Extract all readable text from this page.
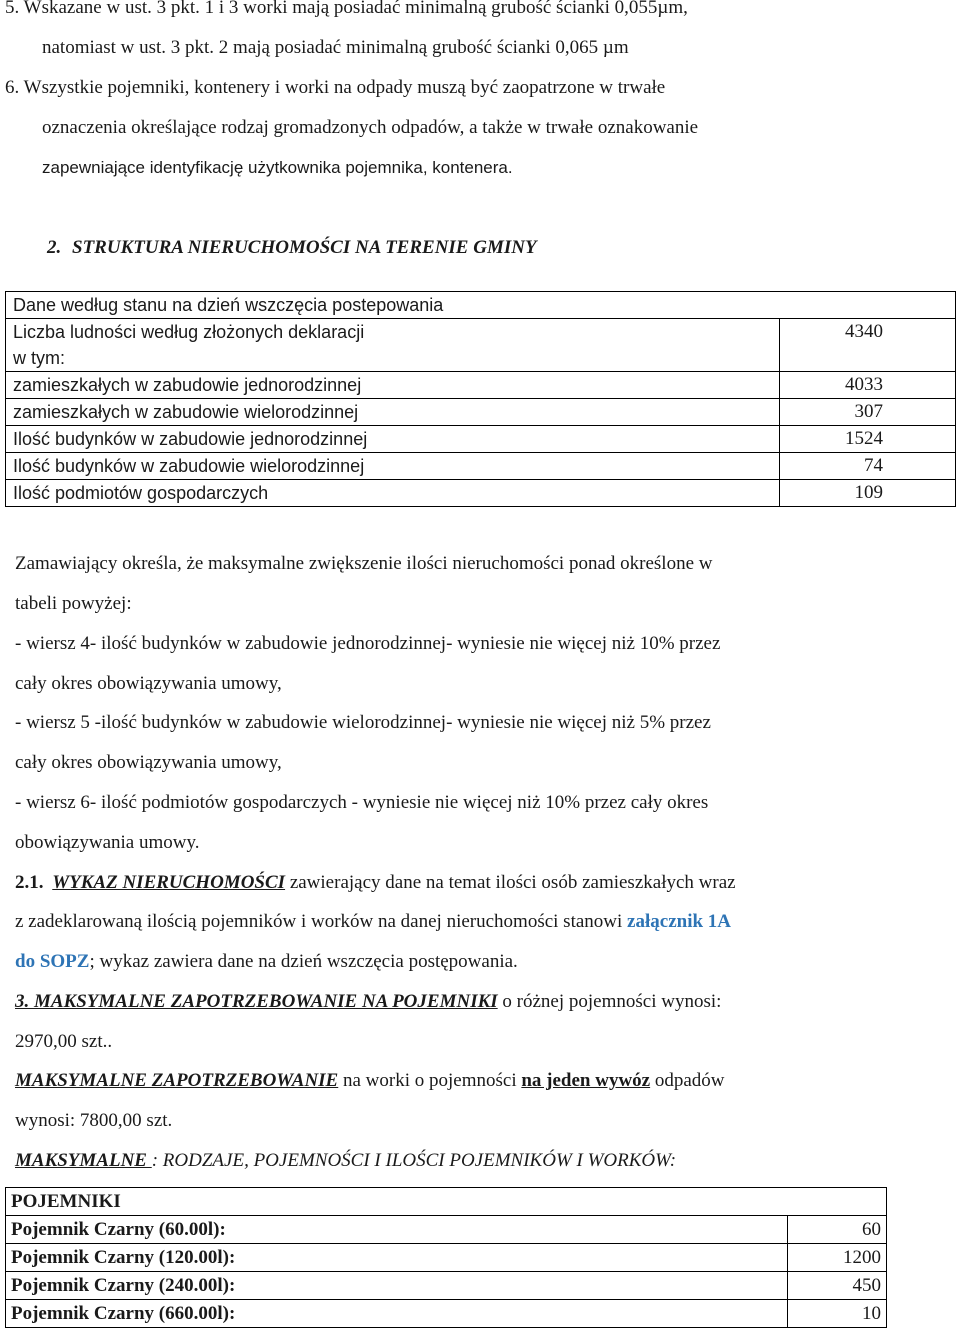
5. Wskazane w ust. 3 pkt. 1 i 3 worki mają posiadać minimalną grubość ścianki 0,055µm,
natomiast w ust. 3 pkt. 2 mają posiadać minimalną grubość ścianki 0,065 µm
6. Wszystkie pojemniki, kontenery i worki na odpady muszą być zaopatrzone w trwałe
oznaczenia określające rodzaj gromadzonych odpadów, a także w trwałe oznakowanie
zapewniające identyfikację użytkownika pojemnika, kontenera.
2. STRUKTURA NIERUCHOMOŚCI NA TERENIE GMINY
Dane według stanu na dzień wszczęcia postepowania	

Liczba ludności według złożonych deklaracji
w tym:	4340
zamieszkałych w zabudowie jednorodzinnej	4033
zamieszkałych w zabudowie wielorodzinnej	307
Ilość budynków w zabudowie jednorodzinnej	1524
Ilość budynków w zabudowie wielorodzinnej	74
Ilość podmiotów gospodarczych	109
Zamawiający określa, że maksymalne zwiększenie ilości nieruchomości ponad określone w
tabeli powyżej:
- wiersz 4- ilość budynków w zabudowie jednorodzinnej- wyniesie nie więcej niż 10% przez
cały okres obowiązywania umowy,
- wiersz 5 -ilość budynków w zabudowie wielorodzinnej- wyniesie nie więcej niż 5% przez
cały okres obowiązywania umowy,
- wiersz 6- ilość podmiotów gospodarczych - wyniesie nie więcej niż 10% przez cały okres
obowiązywania umowy.
2.1. WYKAZ NIERUCHOMOŚCI zawierający dane na temat ilości osób zamieszkałych wraz
z zadeklarowaną ilością pojemników i worków na danej nieruchomości stanowi załącznik 1A
do SOPZ; wykaz zawiera dane na dzień wszczęcia postępowania.
3. MAKSYMALNE ZAPOTRZEBOWANIE NA POJEMNIKI o różnej pojemności wynosi:
2970,00 szt..
MAKSYMALNE ZAPOTRZEBOWANIE na worki o pojemności na jeden wywóz odpadów
wynosi: 7800,00 szt.
MAKSYMALNE : RODZAJE, POJEMNOŚCI I ILOŚCI POJEMNIKÓW I WORKÓW:
POJEMNIKI	
Pojemnik Czarny (60.00l):	60
Pojemnik Czarny (120.00l):	1200
Pojemnik Czarny (240.00l):	450
Pojemnik Czarny (660.00l):	10
